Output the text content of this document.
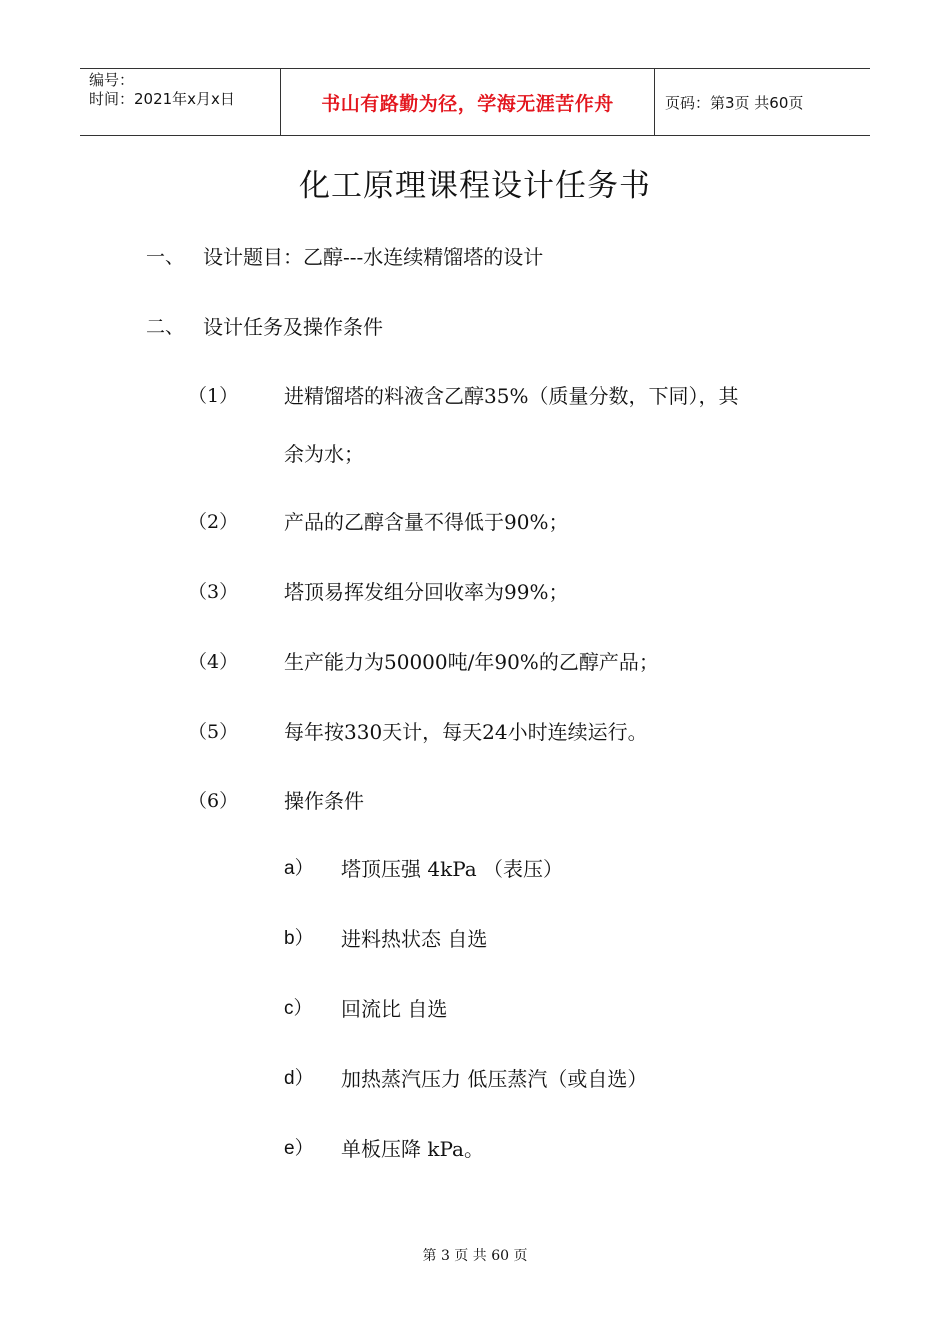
编号：
时间：2021年x月x日	书山有路勤为径，学海无涯苦作舟	页码：第3页 共60页
化工原理课程设计任务书
一、 设计题目：乙醇---水连续精馏塔的设计
二、 设计任务及操作条件
（1） 进精馏塔的料液含乙醇35%（质量分数，下同），其
余为水；
（2） 产品的乙醇含量不得低于90%；
（3） 塔顶易挥发组分回收率为99%；
（4） 生产能力为50000吨/年90%的乙醇产品；
（5） 每年按330天计，每天24小时连续运行。
（6） 操作条件
a） 塔顶压强 4kPa （表压）
b） 进料热状态 自选
c） 回流比 自选
d） 加热蒸汽压力 低压蒸汽（或自选）
e） 单板压降 kPa。
第 3 页 共 60 页
